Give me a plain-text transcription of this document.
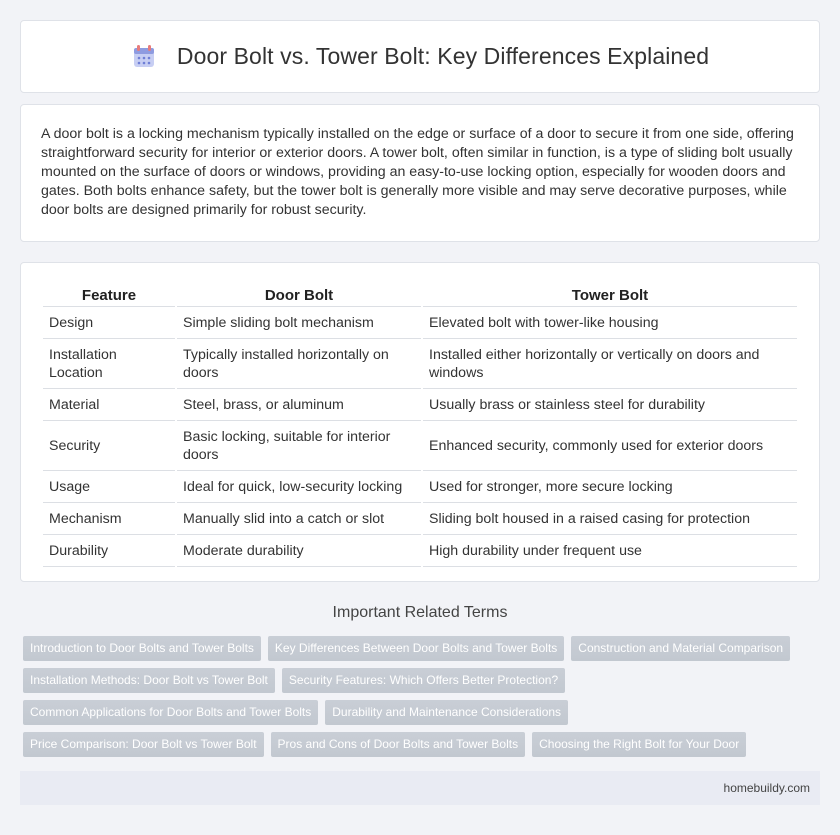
Door Bolt vs. Tower Bolt: Key Differences Explained

A door bolt is a locking mechanism typically installed on the edge or surface of a door to secure it from one side, offering straightforward security for interior or exterior doors. A tower bolt, often similar in function, is a type of sliding bolt usually mounted on the surface of doors or windows, providing an easy-to-use locking option, especially for wooden doors and gates. Both bolts enhance safety, but the tower bolt is generally more visible and may serve decorative purposes, while door bolts are designed primarily for robust security.

Feature	Door Bolt	Tower Bolt
Design	Simple sliding bolt mechanism	Elevated bolt with tower-like housing
Installation Location	Typically installed horizontally on doors	Installed either horizontally or vertically on doors and windows
Material	Steel, brass, or aluminum	Usually brass or stainless steel for durability
Security	Basic locking, suitable for interior doors	Enhanced security, commonly used for exterior doors
Usage	Ideal for quick, low-security locking	Used for stronger, more secure locking
Mechanism	Manually slid into a catch or slot	Sliding bolt housed in a raised casing for protection
Durability	Moderate durability	High durability under frequent use
Important Related Terms
Introduction to Door Bolts and Tower Bolts	Key Differences Between Door Bolts and Tower Bolts	Construction and Material Comparison
Installation Methods: Door Bolt vs Tower Bolt	Security Features: Which Offers Better Protection?
Common Applications for Door Bolts and Tower Bolts	Durability and Maintenance Considerations
Price Comparison: Door Bolt vs Tower Bolt	Pros and Cons of Door Bolts and Tower Bolts	Choosing the Right Bolt for Your Door
homebuildy.com
